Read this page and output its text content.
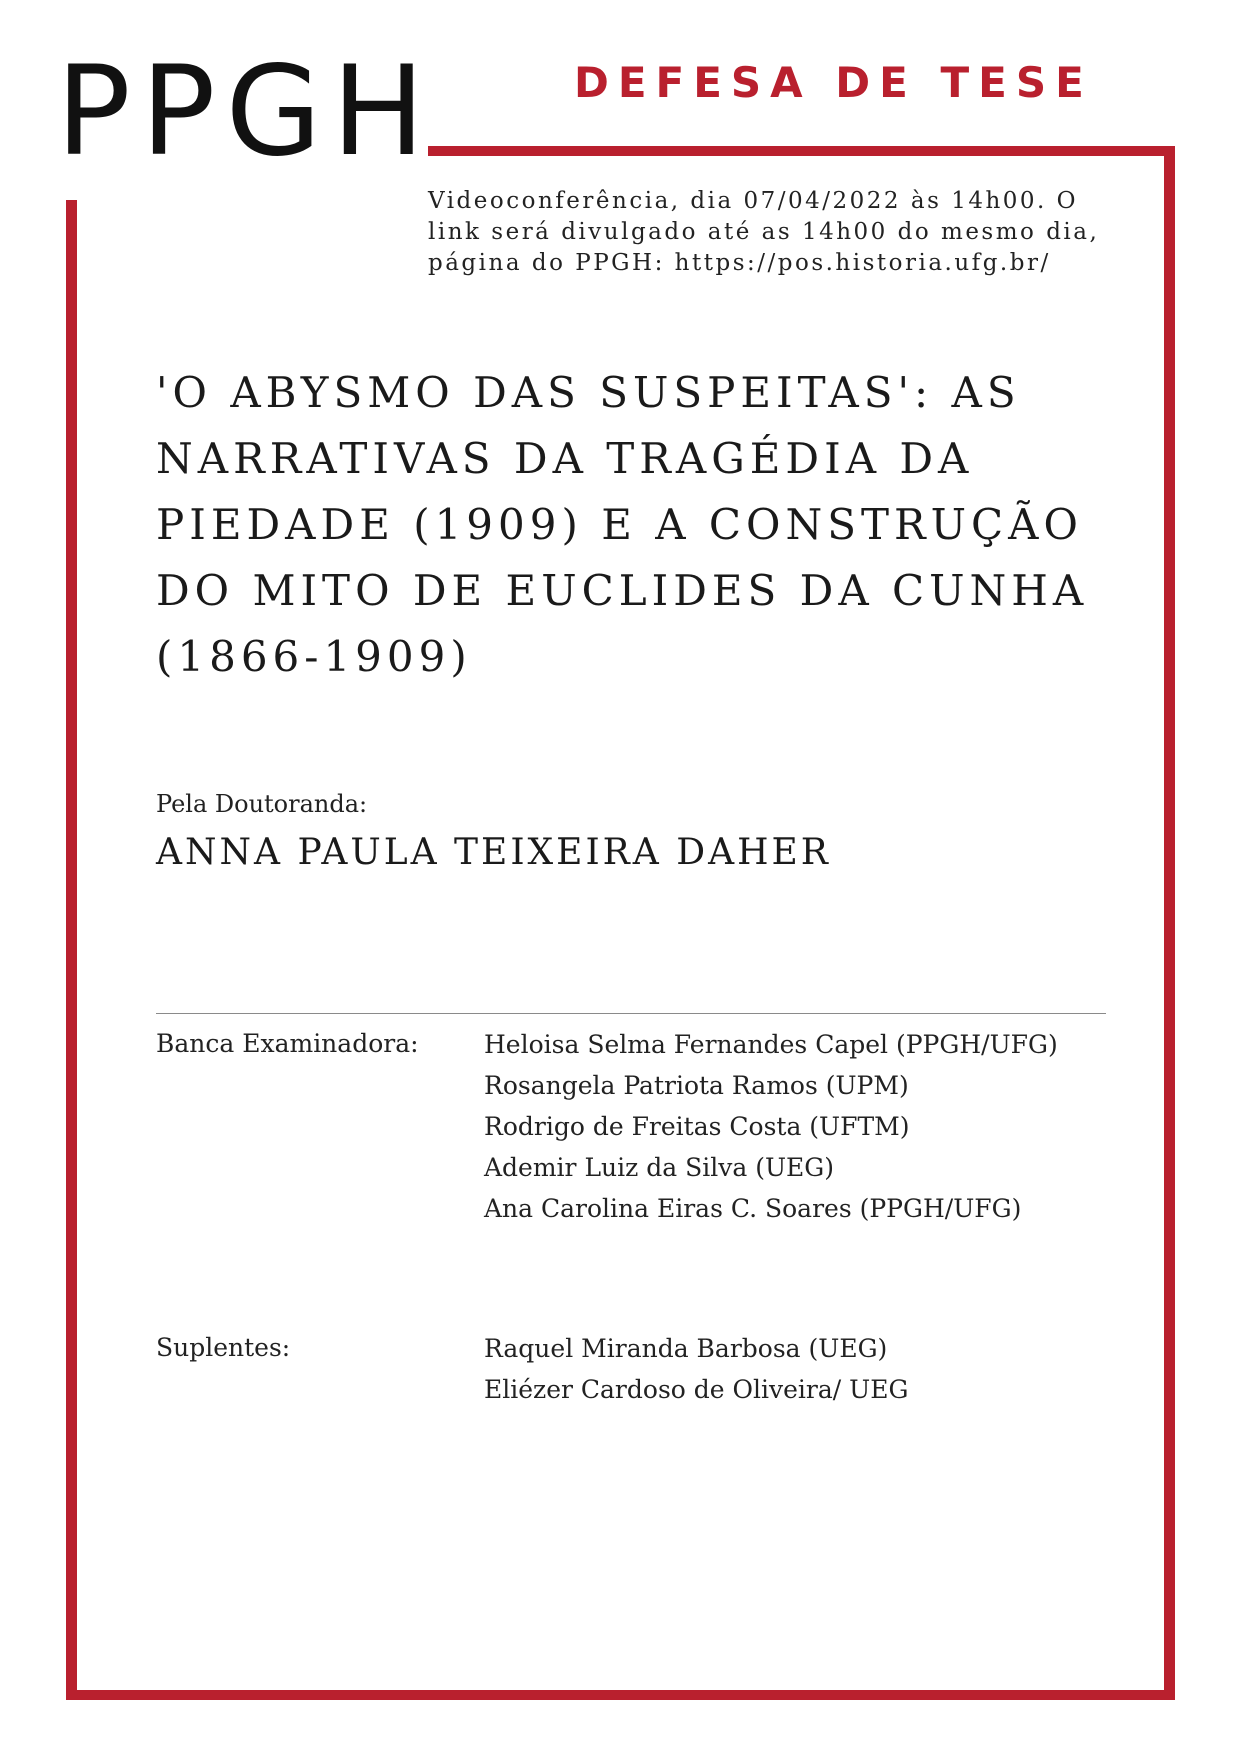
PPGH	DEFESA DE TESE
Videoconferência, dia 07/04/2022 às 14h00. O
link será divulgado até as 14h00 do mesmo dia,
página do PPGH: https://pos.historia.ufg.br/
'O ABYSMO DAS SUSPEITAS': AS
NARRATIVAS DA TRAGÉDIA DA
PIEDADE (1909) E A CONSTRUÇÃO
DO MITO DE EUCLIDES DA CUNHA
(1866-1909)
Pela Doutoranda:
ANNA PAULA TEIXEIRA DAHER
Banca Examinadora:	Heloisa Selma Fernandes Capel (PPGH/UFG)
Rosangela Patriota Ramos (UPM)
Rodrigo de Freitas Costa (UFTM)
Ademir Luiz da Silva (UEG)
Ana Carolina Eiras C. Soares (PPGH/UFG)
Suplentes:	Raquel Miranda Barbosa (UEG)
Eliézer Cardoso de Oliveira/ UEG
